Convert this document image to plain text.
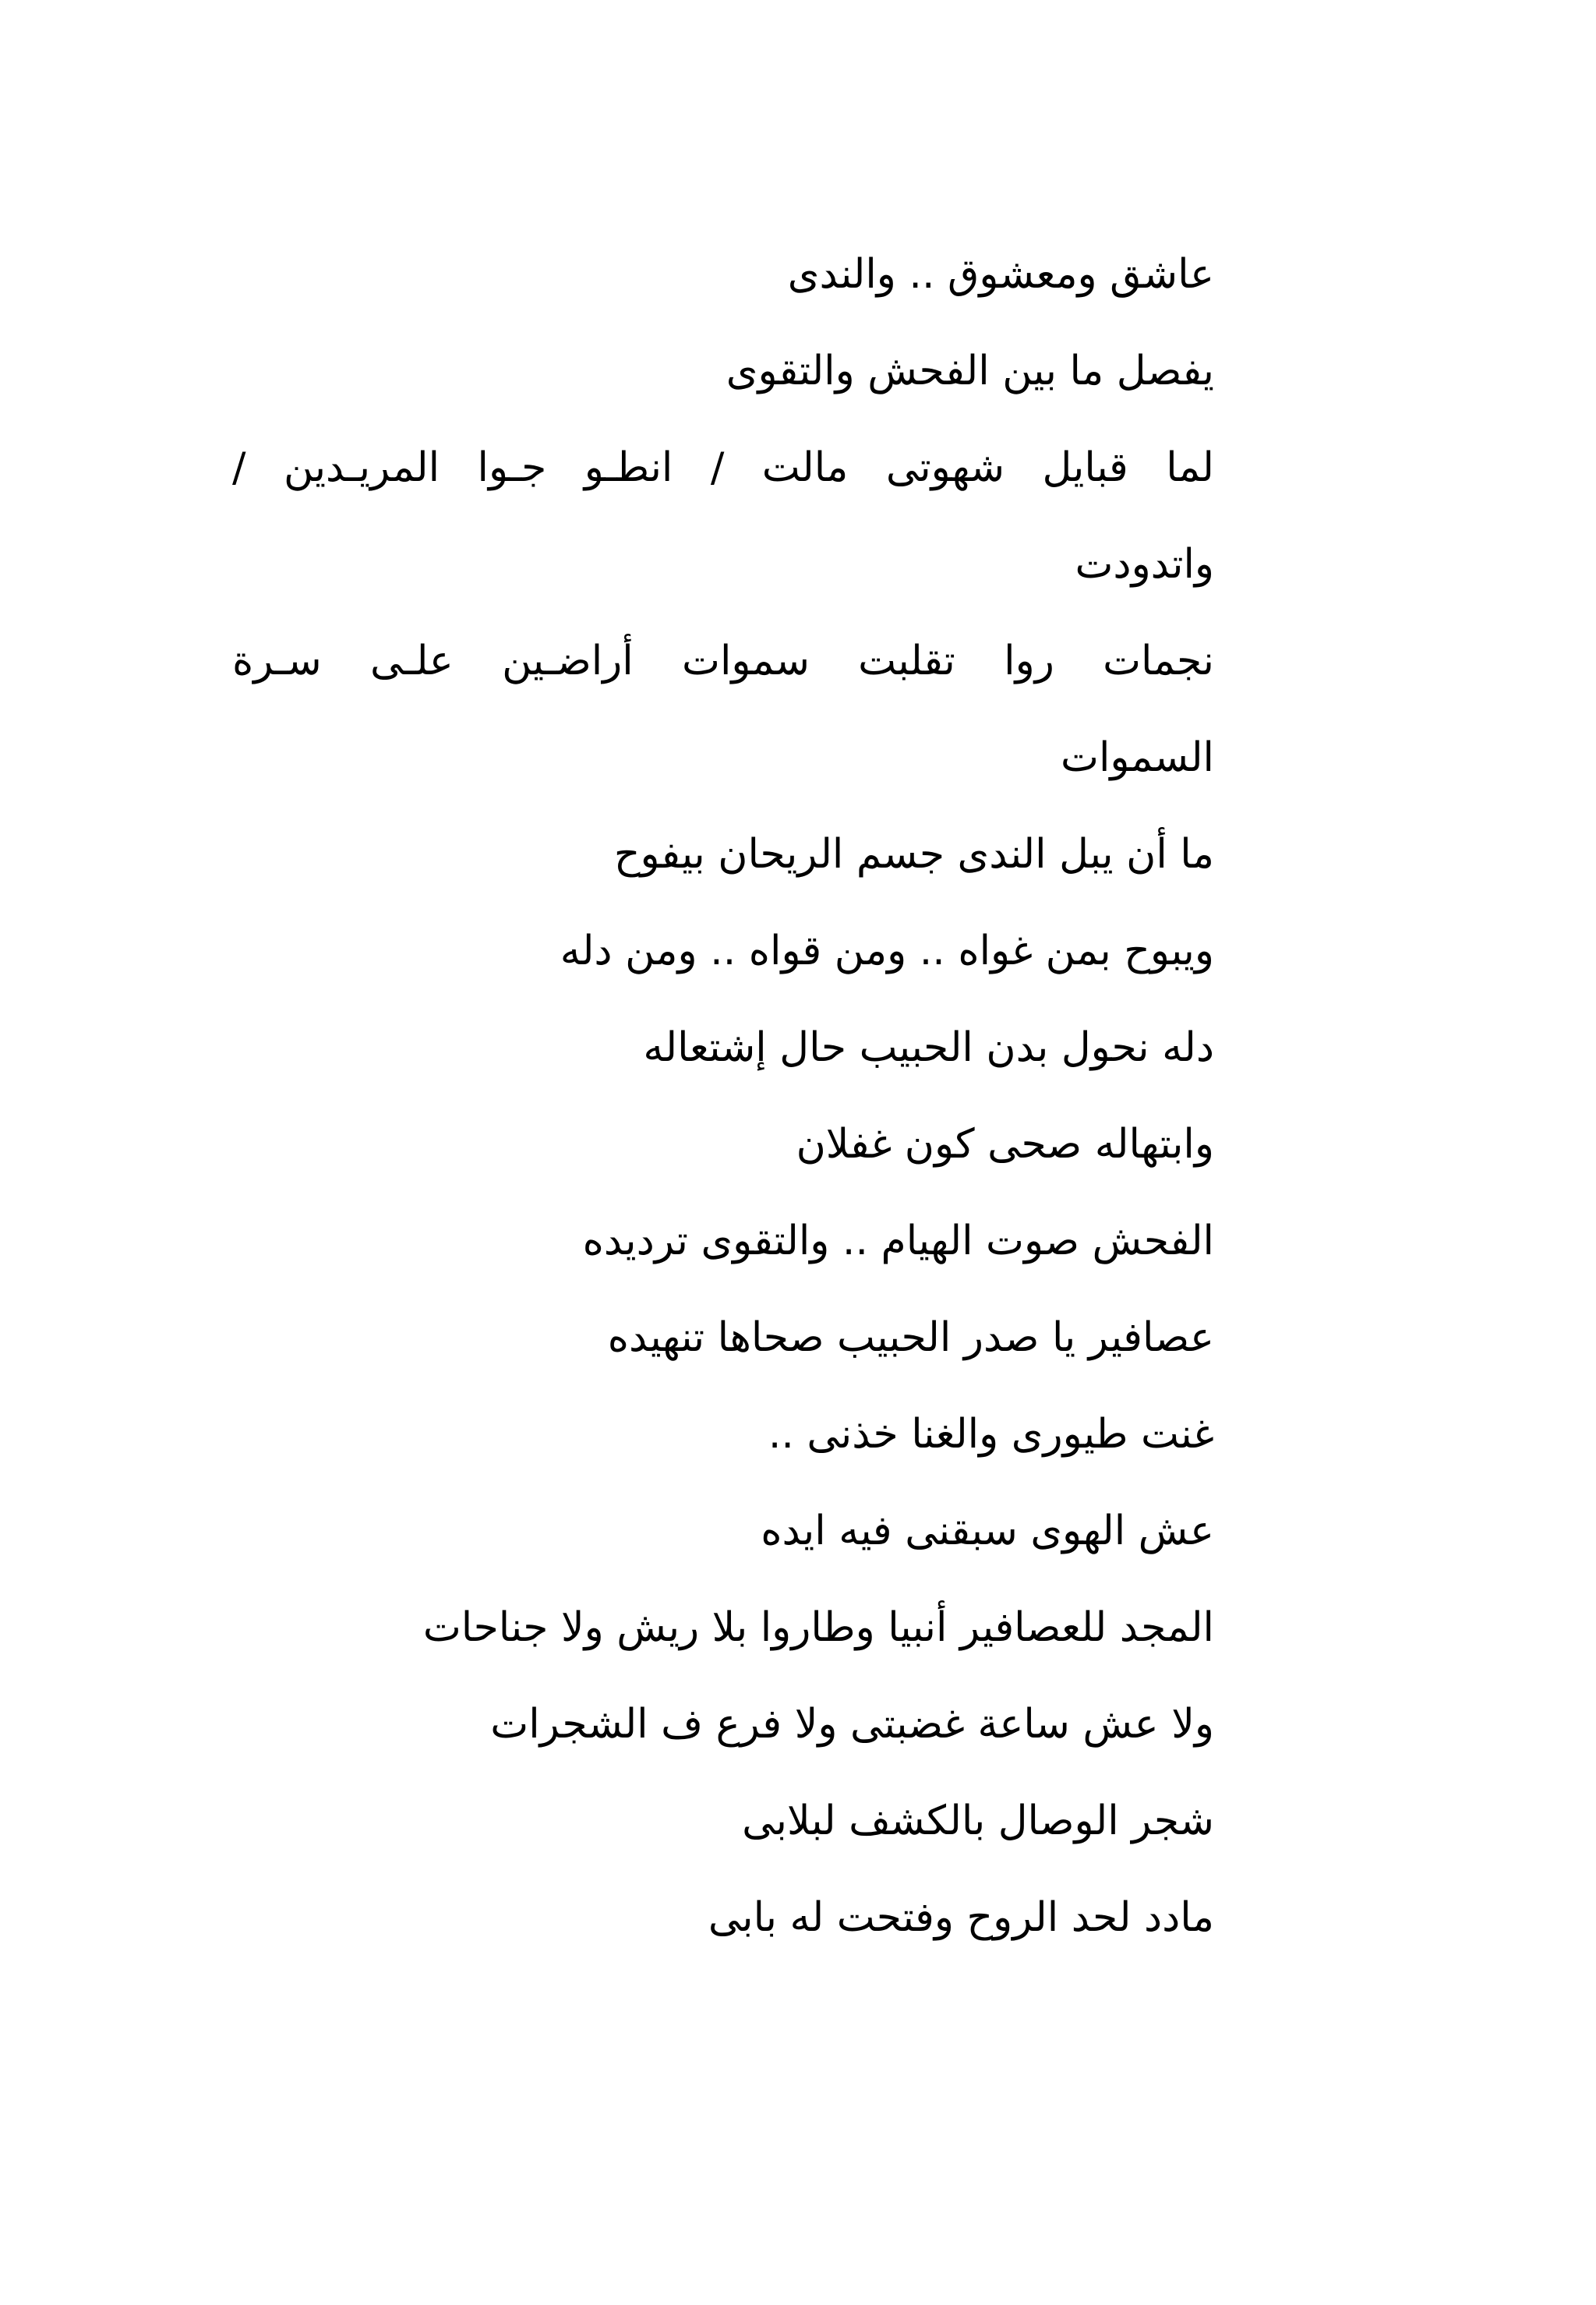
عاشق ومعشوق .. والندى
يفصل ما بين الفحش والتقوى
لما قبايل شهوتى مالت / انطـو جـوا المريـدين /
واتدودت
نجمات روا تقلبت سموات أراضـين علـى سـرة
السموات
ما أن يبل الندى جسم الريحان بيفوح
ويبوح بمن غواه .. ومن قواه .. ومن دله
دله نحول بدن الحبيب حال إشتعاله
وابتهاله صحى كون غفلان
الفحش صوت الهيام .. والتقوى ترديده
عصافير يا صدر الحبيب صحاها تنهيده
غنت طيورى والغنا خذنى ..
عش الهوى سبقنى فيه ايده
المجد للعصافير أنبيا وطاروا بلا ريش ولا جناحات
ولا عش ساعة غضبتى ولا فرع ف الشجرات
شجر الوصال بالكشف لبلابى
مادد لحد الروح وفتحت له بابى
